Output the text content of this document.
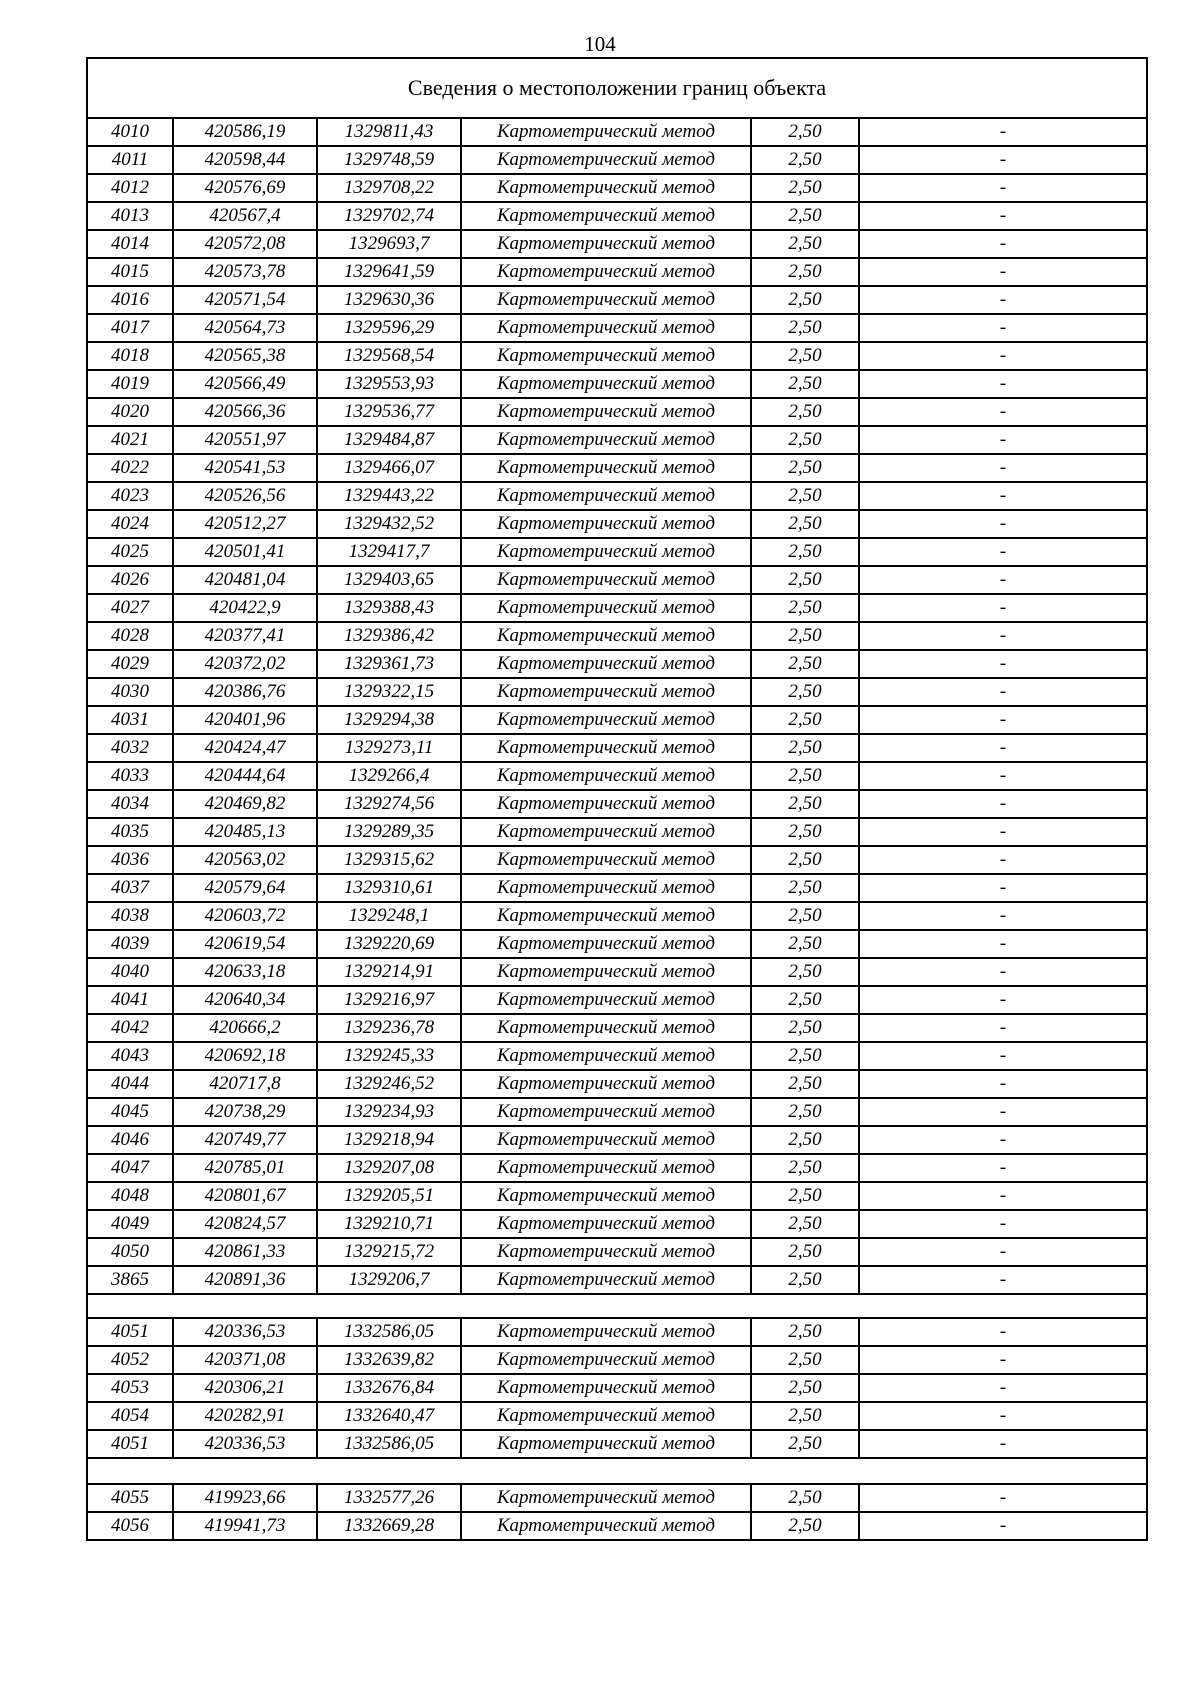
104
Сведения о местоположении границ объекта					
4010	420586,19	1329811,43	Картометрический метод	2,50	-
4011	420598,44	1329748,59	Картометрический метод	2,50	-
4012	420576,69	1329708,22	Картометрический метод	2,50	-
4013	420567,4	1329702,74	Картометрический метод	2,50	-
4014	420572,08	1329693,7	Картометрический метод	2,50	-
4015	420573,78	1329641,59	Картометрический метод	2,50	-
4016	420571,54	1329630,36	Картометрический метод	2,50	-
4017	420564,73	1329596,29	Картометрический метод	2,50	-
4018	420565,38	1329568,54	Картометрический метод	2,50	-
4019	420566,49	1329553,93	Картометрический метод	2,50	-
4020	420566,36	1329536,77	Картометрический метод	2,50	-
4021	420551,97	1329484,87	Картометрический метод	2,50	-
4022	420541,53	1329466,07	Картометрический метод	2,50	-
4023	420526,56	1329443,22	Картометрический метод	2,50	-
4024	420512,27	1329432,52	Картометрический метод	2,50	-
4025	420501,41	1329417,7	Картометрический метод	2,50	-
4026	420481,04	1329403,65	Картометрический метод	2,50	-
4027	420422,9	1329388,43	Картометрический метод	2,50	-
4028	420377,41	1329386,42	Картометрический метод	2,50	-
4029	420372,02	1329361,73	Картометрический метод	2,50	-
4030	420386,76	1329322,15	Картометрический метод	2,50	-
4031	420401,96	1329294,38	Картометрический метод	2,50	-
4032	420424,47	1329273,11	Картометрический метод	2,50	-
4033	420444,64	1329266,4	Картометрический метод	2,50	-
4034	420469,82	1329274,56	Картометрический метод	2,50	-
4035	420485,13	1329289,35	Картометрический метод	2,50	-
4036	420563,02	1329315,62	Картометрический метод	2,50	-
4037	420579,64	1329310,61	Картометрический метод	2,50	-
4038	420603,72	1329248,1	Картометрический метод	2,50	-
4039	420619,54	1329220,69	Картометрический метод	2,50	-
4040	420633,18	1329214,91	Картометрический метод	2,50	-
4041	420640,34	1329216,97	Картометрический метод	2,50	-
4042	420666,2	1329236,78	Картометрический метод	2,50	-
4043	420692,18	1329245,33	Картометрический метод	2,50	-
4044	420717,8	1329246,52	Картометрический метод	2,50	-
4045	420738,29	1329234,93	Картометрический метод	2,50	-
4046	420749,77	1329218,94	Картометрический метод	2,50	-
4047	420785,01	1329207,08	Картометрический метод	2,50	-
4048	420801,67	1329205,51	Картометрический метод	2,50	-
4049	420824,57	1329210,71	Картометрический метод	2,50	-
4050	420861,33	1329215,72	Картометрический метод	2,50	-
3865	420891,36	1329206,7	Картометрический метод	2,50	-

4051	420336,53	1332586,05	Картометрический метод	2,50	-
4052	420371,08	1332639,82	Картометрический метод	2,50	-
4053	420306,21	1332676,84	Картометрический метод	2,50	-
4054	420282,91	1332640,47	Картометрический метод	2,50	-
4051	420336,53	1332586,05	Картометрический метод	2,50	-

4055	419923,66	1332577,26	Картометрический метод	2,50	-
4056	419941,73	1332669,28	Картометрический метод	2,50	-
